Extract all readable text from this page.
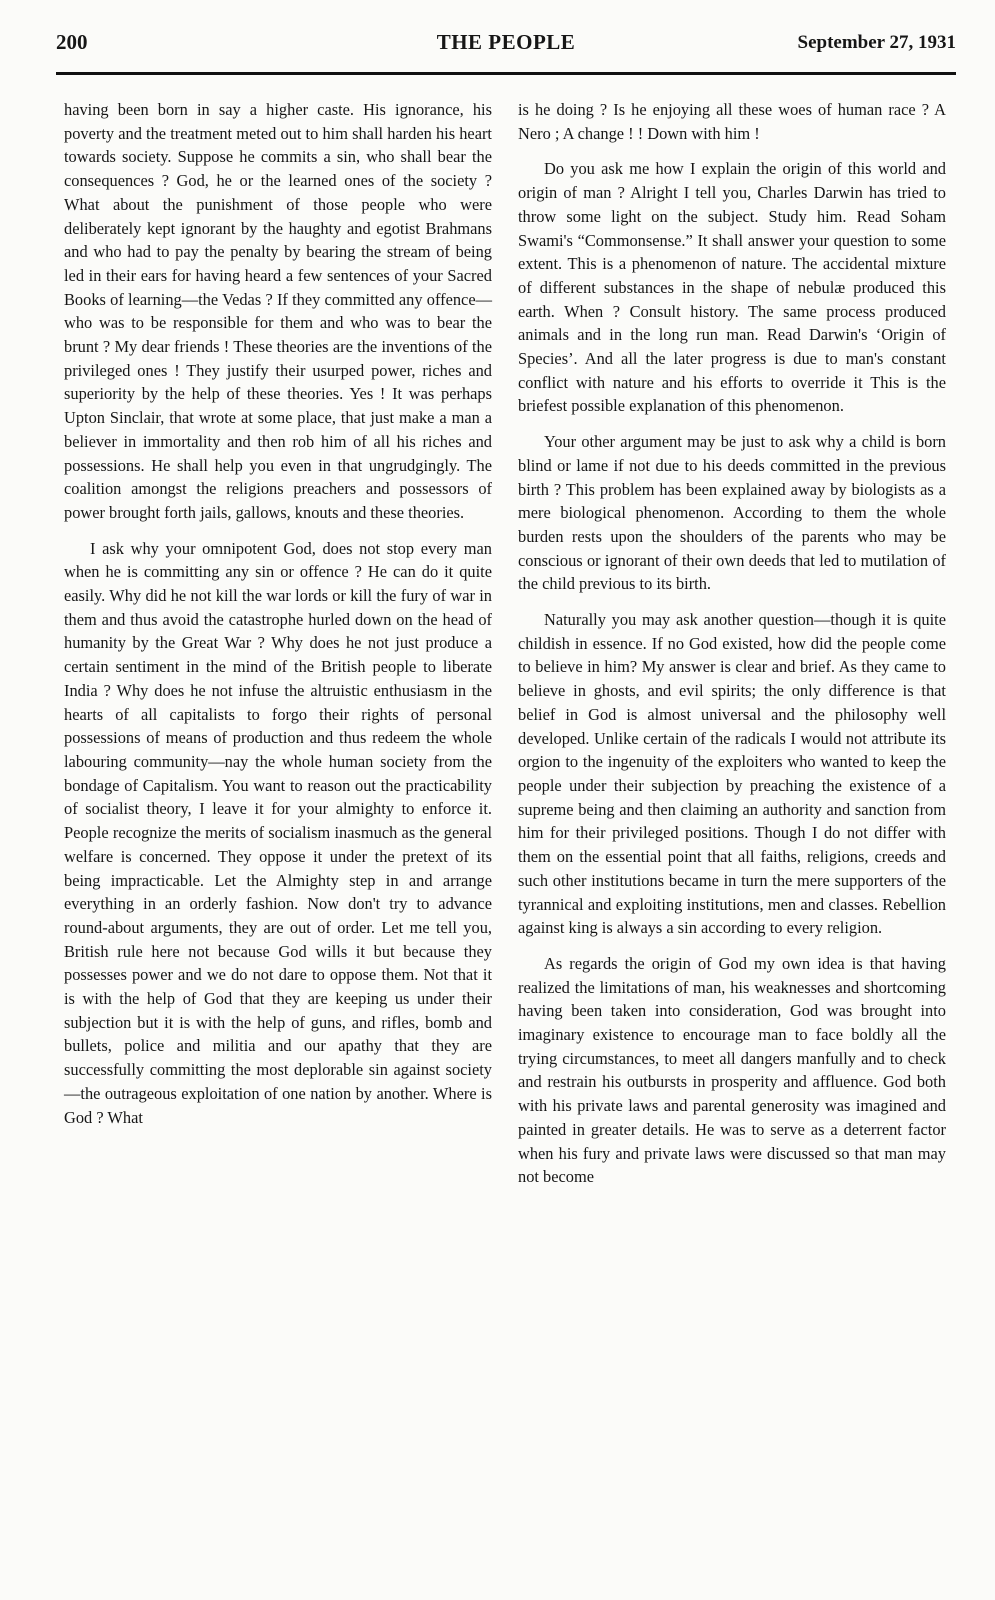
200	THE PEOPLE	September 27, 1931

having been born in say a higher caste. His ignorance, his poverty and the treatment meted out to him shall harden his heart towards society. Suppose he commits a sin, who shall bear the consequences ? God, he or the learned ones of the society ? What about the punishment of those people who were deliberately kept ignorant by the haughty and egotist Brahmans and who had to pay the penalty by bearing the stream of being led in their ears for having heard a few sentences of your Sacred Books of learning—the Vedas ? If they committed any offence—who was to be responsible for them and who was to bear the brunt ? My dear friends ! These theories are the inventions of the privileged ones ! They justify their usurped power, riches and superiority by the help of these theories. Yes ! It was perhaps Upton Sinclair, that wrote at some place, that just make a man a believer in immortality and then rob him of all his riches and possessions. He shall help you even in that ungrudgingly. The coalition amongst the religions preachers and possessors of power brought forth jails, gallows, knouts and these theories.

I ask why your omnipotent God, does not stop every man when he is committing any sin or offence ? He can do it quite easily. Why did he not kill the war lords or kill the fury of war in them and thus avoid the catastrophe hurled down on the head of humanity by the Great War ? Why does he not just produce a certain sentiment in the mind of the British people to liberate India ? Why does he not infuse the altruistic enthusiasm in the hearts of all capitalists to forgo their rights of personal possessions of means of production and thus redeem the whole labouring community—nay the whole human society from the bondage of Capitalism. You want to reason out the practicability of socialist theory, I leave it for your almighty to enforce it. People recognize the merits of socialism inasmuch as the general welfare is concerned. They oppose it under the pretext of its being impracticable. Let the Almighty step in and arrange everything in an orderly fashion. Now don't try to advance round-about arguments, they are out of order. Let me tell you, British rule here not because God wills it but because they possesses power and we do not dare to oppose them. Not that it is with the help of God that they are keeping us under their subjection but it is with the help of guns, and rifles, bomb and bullets, police and militia and our apathy that they are successfully committing the most deplorable sin against society—the outrageous exploitation of one nation by another. Where is God ? What

is he doing ? Is he enjoying all these woes of human race ? A Nero ; A change ! ! Down with him !

Do you ask me how I explain the origin of this world and origin of man ? Alright I tell you, Charles Darwin has tried to throw some light on the subject. Study him. Read Soham Swami's “Commonsense.” It shall answer your question to some extent. This is a phenomenon of nature. The accidental mixture of different substances in the shape of nebulæ produced this earth. When ? Consult history. The same process produced animals and in the long run man. Read Darwin's ‘Origin of Species’. And all the later progress is due to man's constant conflict with nature and his efforts to override it This is the briefest possible explanation of this phenomenon.

Your other argument may be just to ask why a child is born blind or lame if not due to his deeds committed in the previous birth ? This problem has been explained away by biologists as a mere biological phenomenon. According to them the whole burden rests upon the shoulders of the parents who may be conscious or ignorant of their own deeds that led to mutilation of the child previous to its birth.

Naturally you may ask another question—though it is quite childish in essence. If no God existed, how did the people come to believe in him? My answer is clear and brief. As they came to believe in ghosts, and evil spirits; the only difference is that belief in God is almost universal and the philosophy well developed. Unlike certain of the radicals I would not attribute its orgion to the ingenuity of the exploiters who wanted to keep the people under their subjection by preaching the existence of a supreme being and then claiming an authority and sanction from him for their privileged positions. Though I do not differ with them on the essential point that all faiths, religions, creeds and such other institutions became in turn the mere supporters of the tyrannical and exploiting institutions, men and classes. Rebellion against king is always a sin according to every religion.

As regards the origin of God my own idea is that having realized the limitations of man, his weaknesses and shortcoming having been taken into consideration, God was brought into imaginary existence to encourage man to face boldly all the trying circumstances, to meet all dangers manfully and to check and restrain his outbursts in prosperity and affluence. God both with his private laws and parental generosity was imagined and painted in greater details. He was to serve as a deterrent factor when his fury and private laws were discussed so that man may not become
